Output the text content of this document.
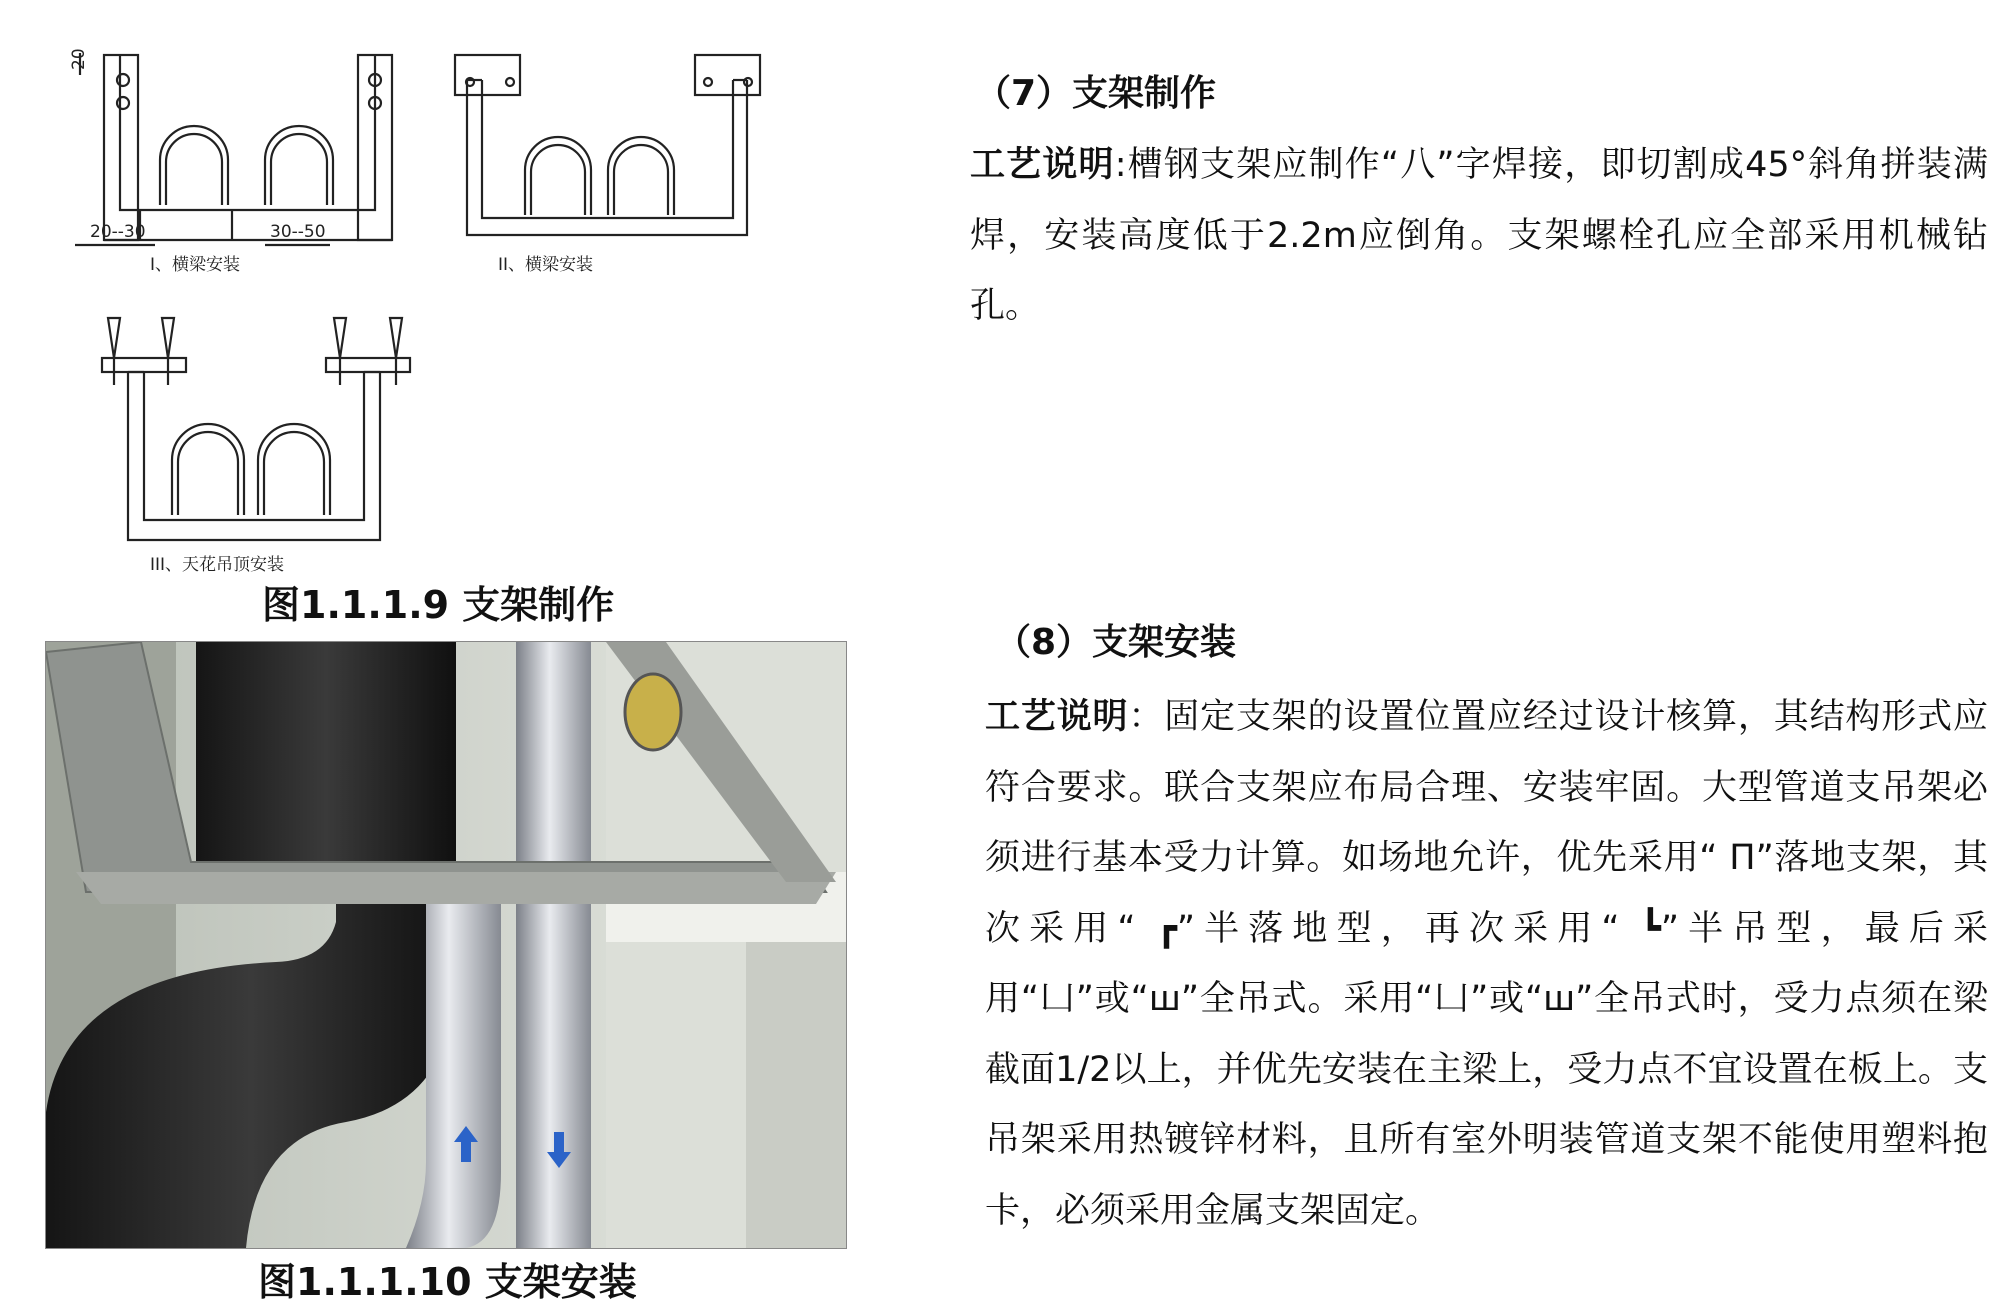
20--30	30--50
20
I、横梁安装	II、横梁安装
III、天花吊顶安装
图1.1.1.9 支架制作
图1.1.1.10 支架安装
（7）支架制作
工艺说明:槽钢支架应制作“八”字焊接，即切割成45°斜角拼装满焊，安装高度低于2.2m应倒角。支架螺栓孔应全部采用机械钻孔。
（8）支架安装
工艺说明：固定支架的设置位置应经过设计核算，其结构形式应符合要求。联合支架应布局合理、安装牢固。大型管道支吊架必须进行基本受力计算。如场地允许，优先采用“ П”落地支架，其次采用“ ┏”半落地型，再次采用“ ┗”半吊型，最后采用“凵”或“ш”全吊式。采用“凵”或“ш”全吊式时，受力点须在梁截面1/2以上，并优先安装在主梁上，受力点不宜设置在板上。支吊架采用热镀锌材料，且所有室外明装管道支架不能使用塑料抱卡，必须采用金属支架固定。
